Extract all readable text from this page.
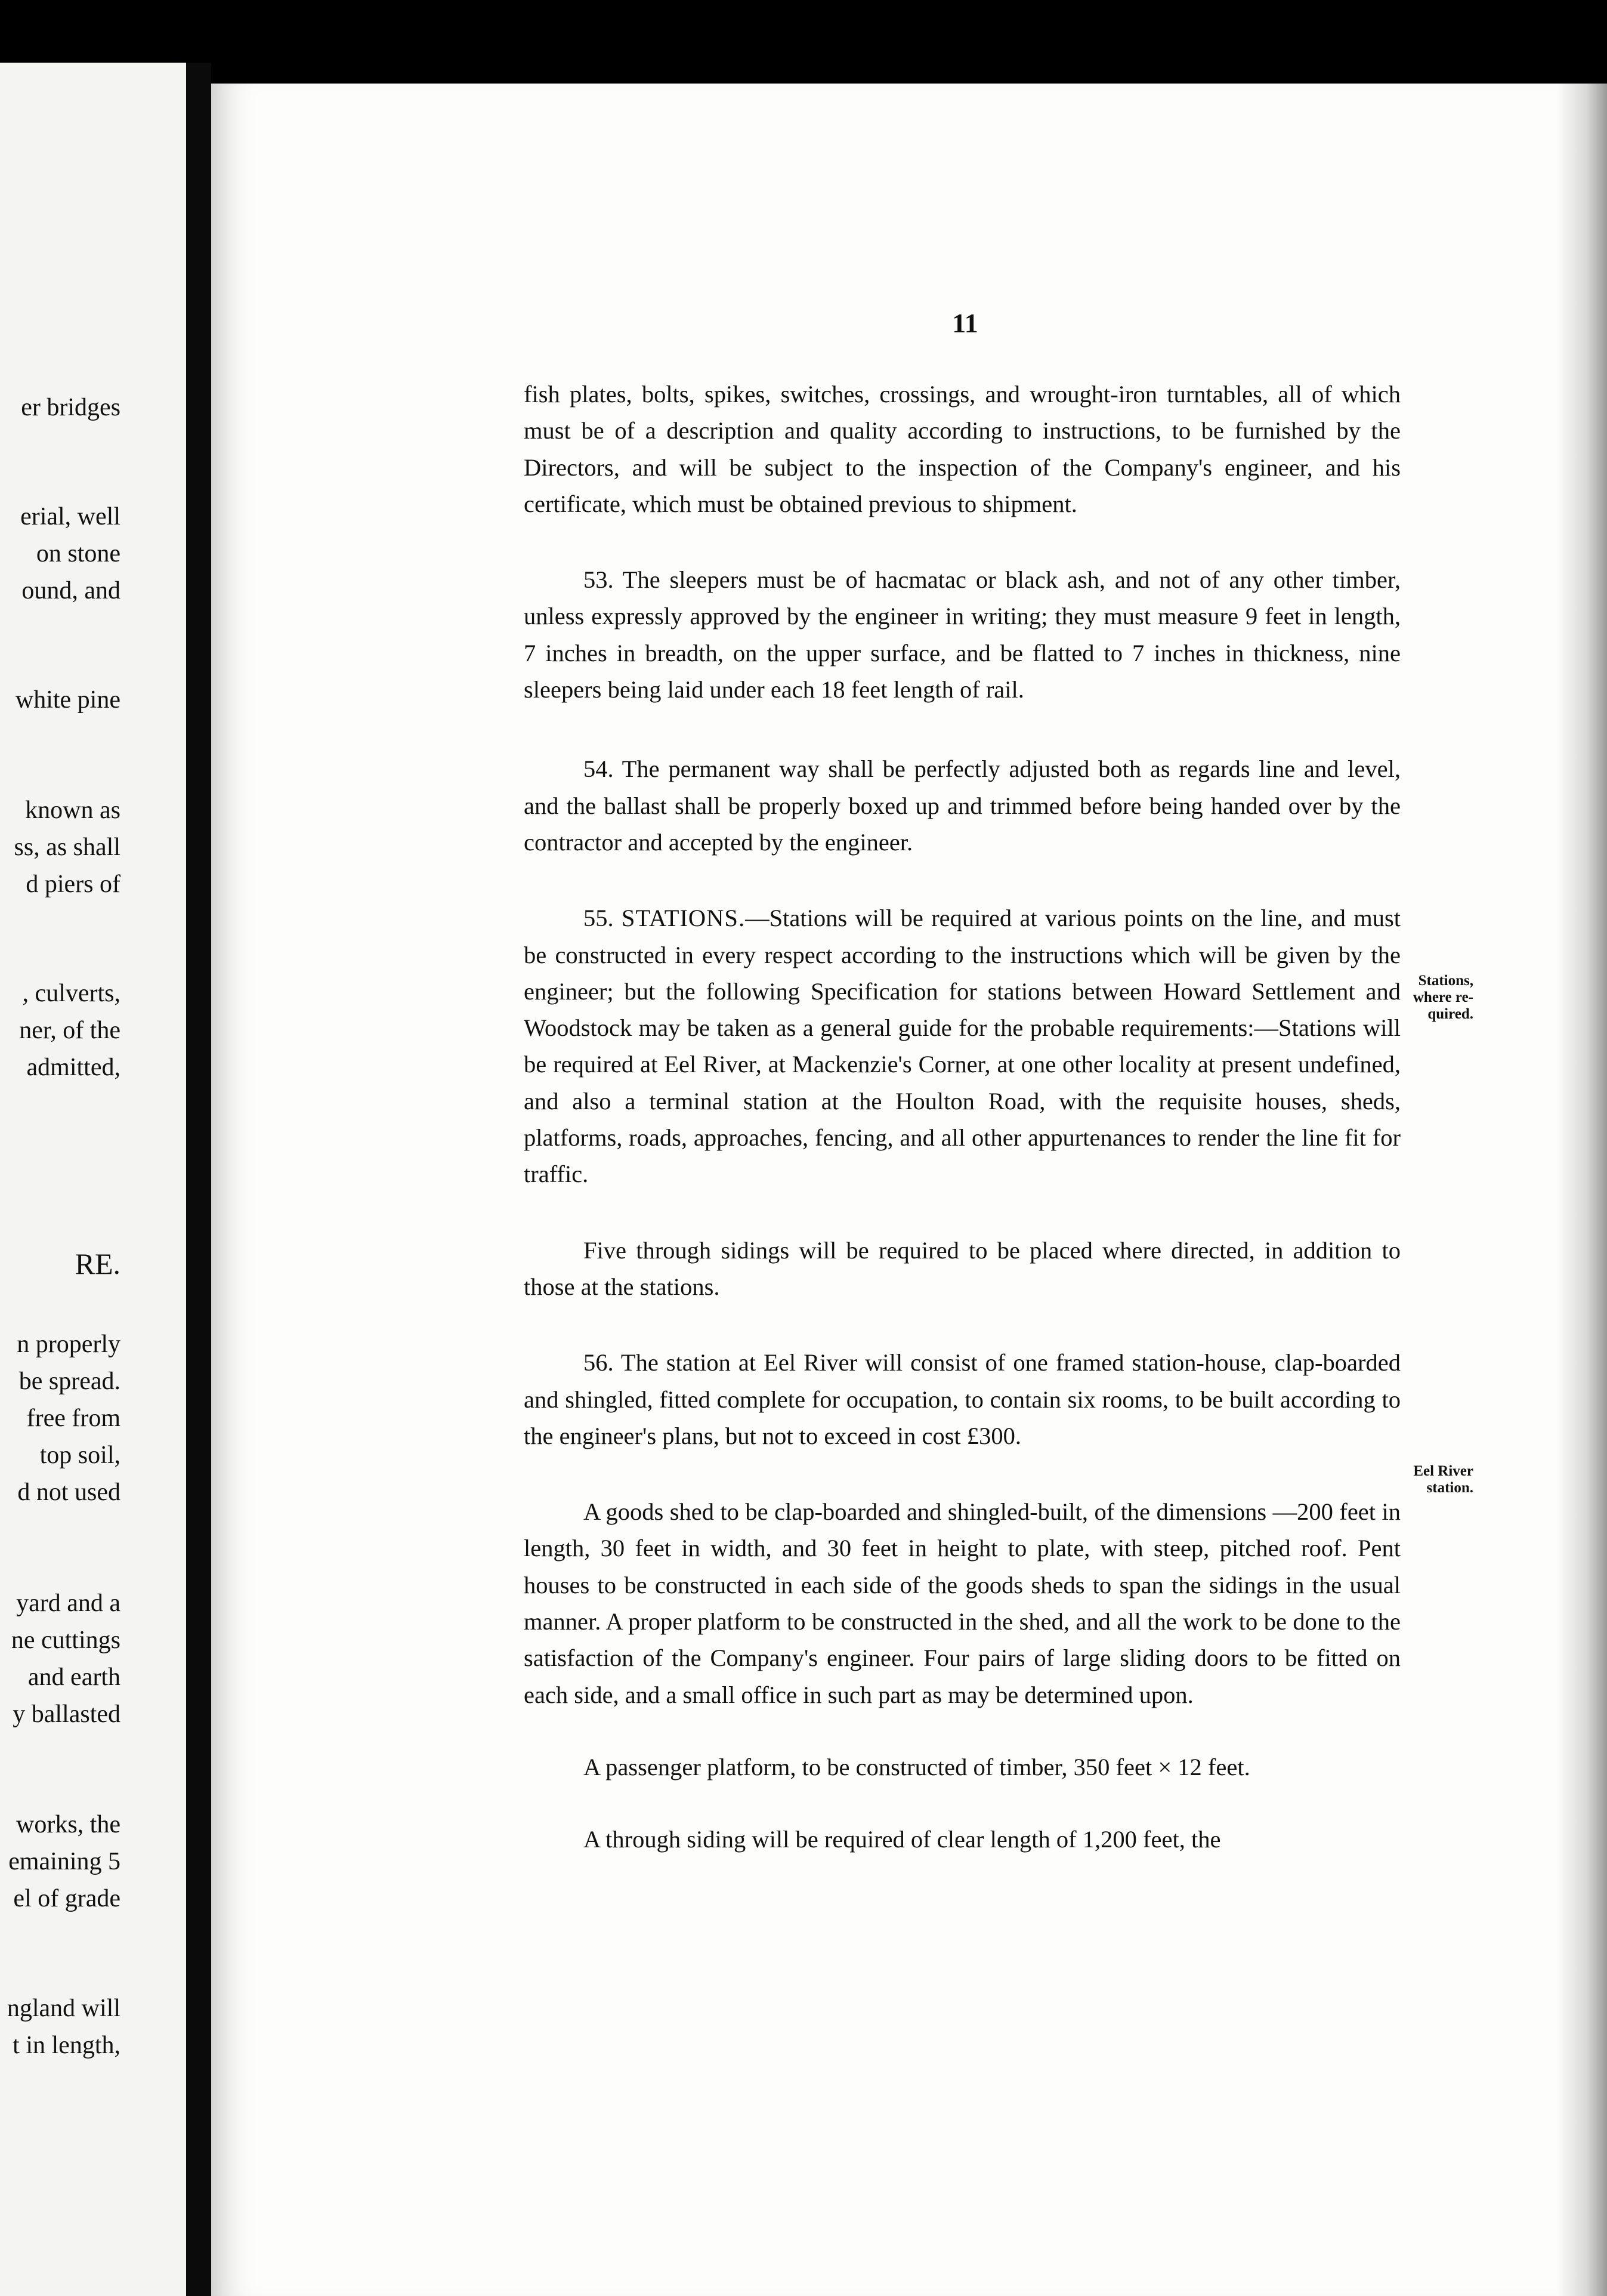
er bridges
erial, well
on stone
ound, and
white pine
known as
ss, as shall
d piers of
, culverts,
ner, of the
admitted,
RE.
n properly
be spread.
free from
top soil,
d not used
yard and a
ne cuttings
and earth
y ballasted
works, the
emaining 5
el of grade
ngland will
t in length,
11

fish plates, bolts, spikes, switches, crossings, and wrought-iron turntables, all of which must be of a description and quality according to instructions, to be furnished by the Directors, and will be subject to the inspection of the Company's engineer, and his certificate, which must be obtained previous to shipment.

53. The sleepers must be of hacmatac or black ash, and not of any other timber, unless expressly approved by the engineer in writing; they must measure 9 feet in length, 7 inches in breadth, on the upper surface, and be flatted to 7 inches in thickness, nine sleepers being laid under each 18 feet length of rail.

54. The permanent way shall be perfectly adjusted both as regards line and level, and the ballast shall be properly boxed up and trimmed before being handed over by the contractor and accepted by the engineer.

55. STATIONS.—Stations will be required at various points on the line, and must be constructed in every respect according to the instructions which will be given by the engineer; but the following Specification for stations between Howard Settlement and Woodstock may be taken as a general guide for the probable requirements:—Stations will be required at Eel River, at Mackenzie's Corner, at one other locality at present undefined, and also a terminal station at the Houlton Road, with the requisite houses, sheds, platforms, roads, approaches, fencing, and all other appurtenances to render the line fit for traffic.

Five through sidings will be required to be placed where directed, in addition to those at the stations.

56. The station at Eel River will consist of one framed station-house, clap-boarded and shingled, fitted complete for occupation, to contain six rooms, to be built according to the engineer's plans, but not to exceed in cost £300.

A goods shed to be clap-boarded and shingled-built, of the dimensions —200 feet in length, 30 feet in width, and 30 feet in height to plate, with steep, pitched roof. Pent houses to be constructed in each side of the goods sheds to span the sidings in the usual manner. A proper platform to be constructed in the shed, and all the work to be done to the satisfaction of the Company's engineer. Four pairs of large sliding doors to be fitted on each side, and a small office in such part as may be determined upon.

A passenger platform, to be constructed of timber, 350 feet × 12 feet.

A through siding will be required of clear length of 1,200 feet, the

Stations,
where re-
quired.
Eel River
station.
